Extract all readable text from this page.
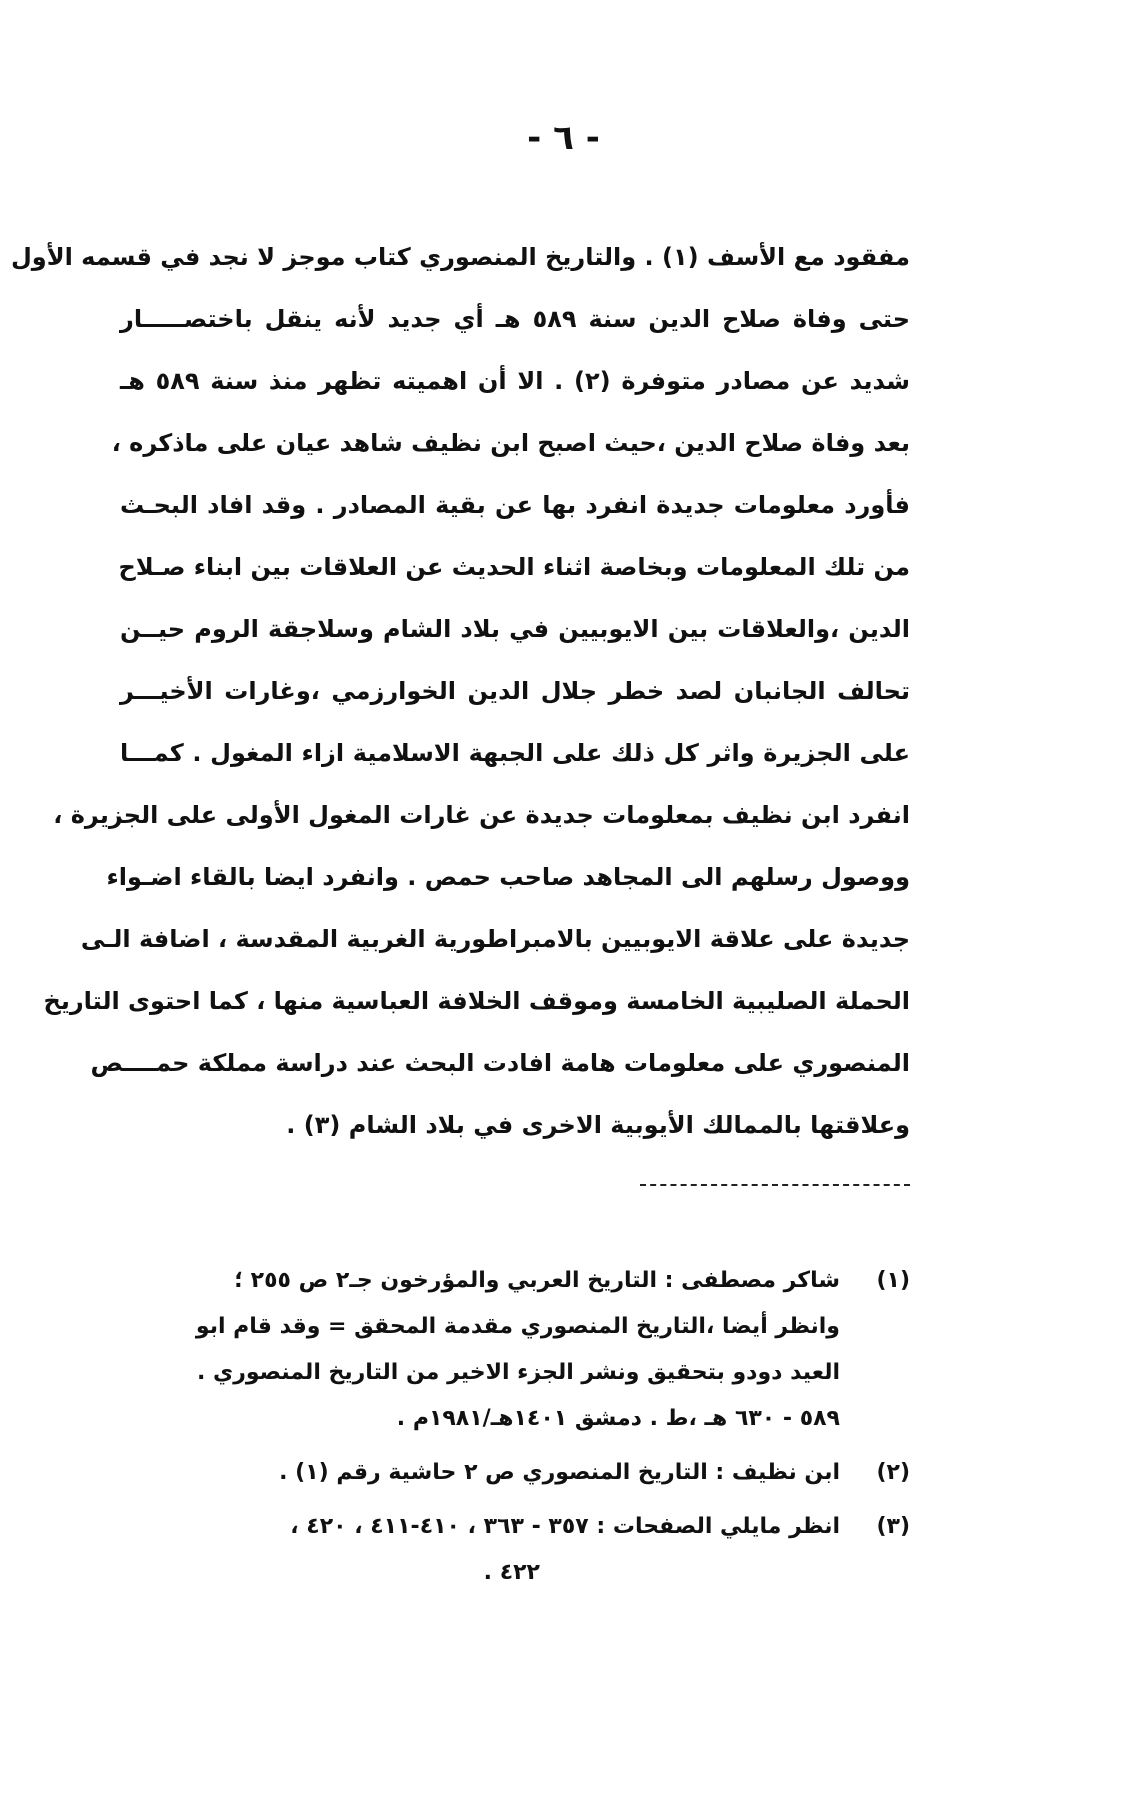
- ٦ -
مفقود مع الأسف (١) . والتاريخ المنصوري كتاب موجز لا نجد في قسمه الأول
حتى وفاة صلاح الدين سنة ٥٨٩ هـ أي جديد لأنه ينقل باختصـــــار
شديد عن مصادر متوفرة (٢) . الا أن اهميته تظهر منذ سنة ٥٨٩ هـ
بعد وفاة صلاح الدين ،حيث اصبح ابن نظيف شاهد عيان على ماذكره ،
فأورد معلومات جديدة انفرد بها عن بقية المصادر . وقد افاد البحـث
من تلك المعلومات وبخاصة اثناء الحديث عن العلاقات بين ابناء صـلاح
الدين ،والعلاقات بين الايوبيين في بلاد الشام وسلاجقة الروم حيــن
تحالف الجانبان لصد خطر جلال الدين الخوارزمي ،وغارات الأخيـــر
على الجزيرة واثر كل ذلك على الجبهة الاسلامية ازاء المغول . كمـــا
انفرد ابن نظيف بمعلومات جديدة عن غارات المغول الأولى على الجزيرة ،
ووصول رسلهم الى المجاهد صاحب حمص . وانفرد ايضا بالقاء اضـواء
جديدة على علاقة الايوبيين بالامبراطورية الغربية المقدسة ، اضافة الـى
الحملة الصليبية الخامسة وموقف الخلافة العباسية منها ، كما احتوى التاريخ
المنصوري على معلومات هامة افادت البحث عند دراسة مملكة حمــــص
وعلاقتها بالممالك الأيوبية الاخرى في بلاد الشام (٣) .
(١)
شاكر مصطفى : التاريخ العربي والمؤرخون جـ٢ ص ٢٥٥ ؛
وانظر أيضا ،التاريخ المنصوري مقدمة المحقق = وقد قام ابو
العيد دودو بتحقيق ونشر الجزء الاخير من التاريخ المنصوري .
٥٨٩ - ٦٣٠ هـ ،ط . دمشق ١٤٠١هـ/١٩٨١م .
(٢)
ابن نظيف : التاريخ المنصوري ص ٢ حاشية رقم (١) .
(٣)
انظر مايلي الصفحات : ٣٥٧ - ٣٦٣ ، ٤١٠-٤١١ ، ٤٢٠ ،
٤٢٢ .
